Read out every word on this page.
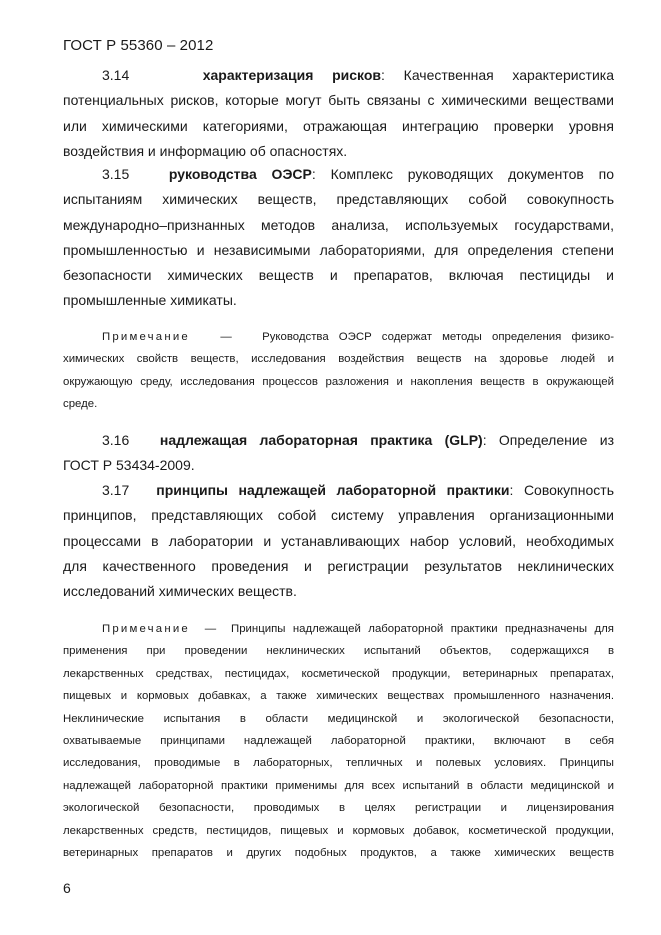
ГОСТ Р 55360 – 2012

3.14	характеризация рисков: Качественная характеристика

потенциальных рисков, которые могут быть связаны с химическими веществами

или химическими категориями, отражающая интеграцию проверки уровня

воздействия и информацию об опасностях.

3.15	руководства ОЭСР: Комплекс руководящих документов по

испытаниям химических веществ, представляющих собой совокупность

международно–признанных методов анализа, используемых государствами,

промышленностью и независимыми лабораториями, для определения степени

безопасности химических веществ и препаратов, включая пестициды и

промышленные химикаты.

Примечание	—	Руководства ОЭСР содержат методы определения физико-

химических свойств веществ, исследования воздействия веществ на здоровье людей и

окружающую среду, исследования процессов разложения и накопления веществ в окружающей

среде.

3.16 надлежащая лабораторная практика (GLP): Определение из

ГОСТ Р 53434-2009.

3.17 принципы надлежащей лабораторной практики: Совокупность

принципов, представляющих собой систему управления организационными

процессами в лаборатории и устанавливающих набор условий, необходимых

для качественного проведения и регистрации результатов неклинических

исследований химических веществ.

Примечание — Принципы надлежащей лабораторной практики предназначены для

применения при проведении неклинических испытаний объектов, содержащихся в

лекарственных средствах, пестицидах, косметической продукции, ветеринарных препаратах,

пищевых и кормовых добавках, а также химических веществах промышленного назначения.

Неклинические испытания в области медицинской и экологической безопасности,

охватываемые принципами надлежащей лабораторной практики, включают в себя

исследования, проводимые в лабораторных, тепличных и полевых условиях. Принципы

надлежащей лабораторной практики применимы для всех испытаний в области медицинской и

экологической безопасности, проводимых в целях регистрации и лицензирования

лекарственных средств, пестицидов, пищевых и кормовых добавок, косметической продукции,

ветеринарных препаратов и других подобных продуктов, а также химических веществ

6
